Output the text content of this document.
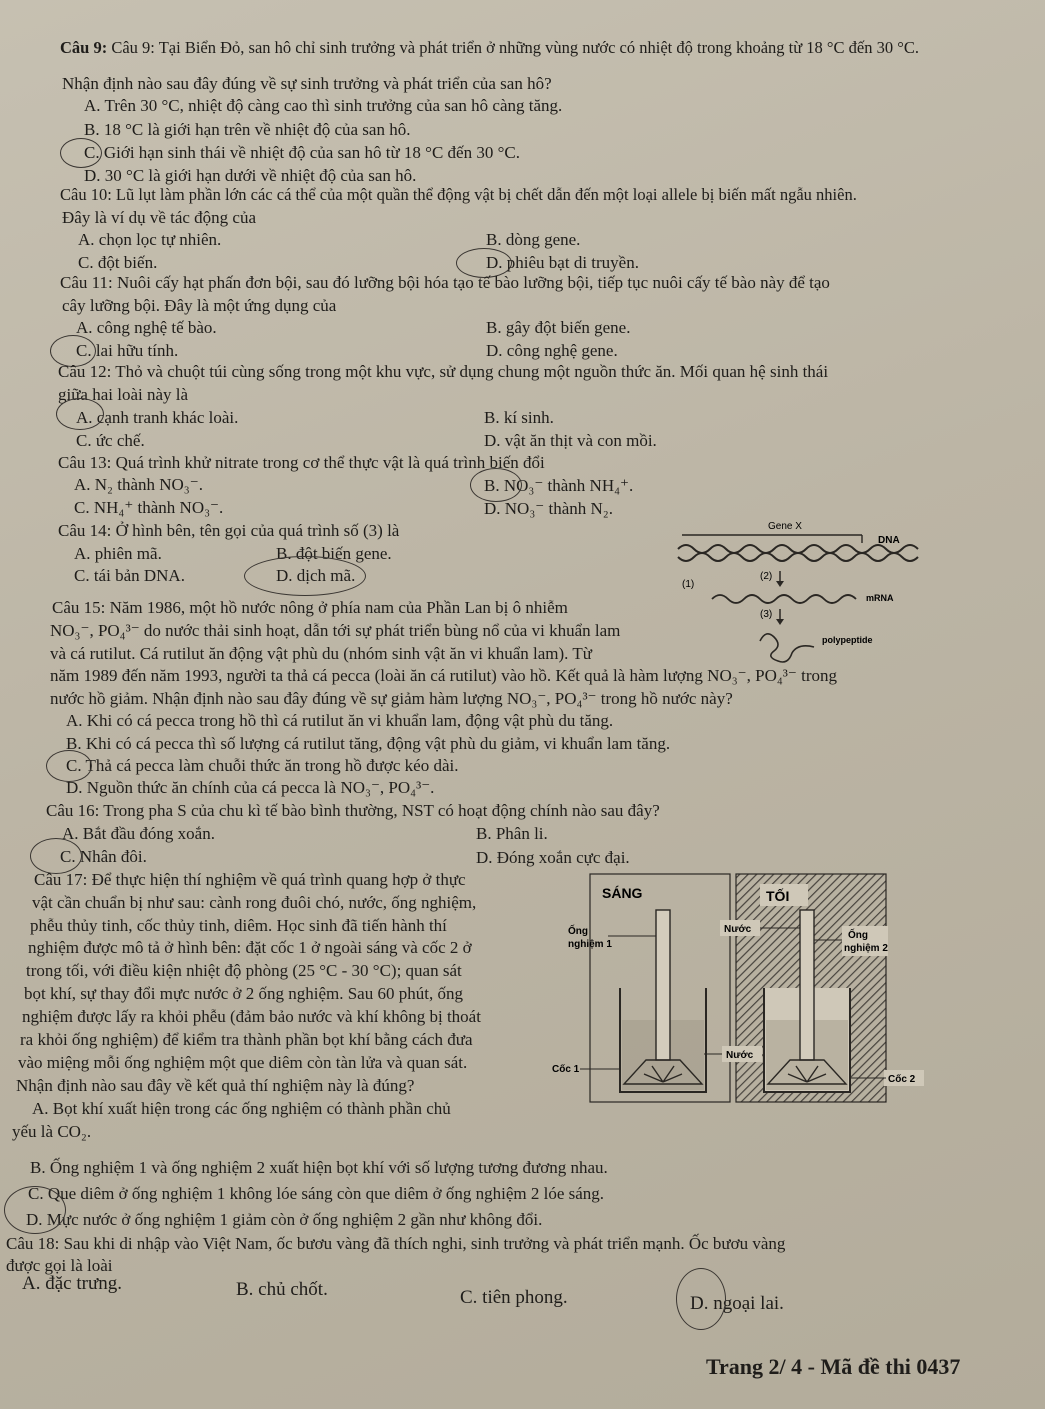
Câu 9: Câu 9: Tại Biển Đỏ, san hô chỉ sinh trưởng và phát triển ở những vùng nước có nhiệt độ trong khoảng từ 18 °C đến 30 °C.
Nhận định nào sau đây đúng về sự sinh trưởng và phát triển của san hô?
A. Trên 30 °C, nhiệt độ càng cao thì sinh trưởng của san hô càng tăng.
B. 18 °C là giới hạn trên về nhiệt độ của san hô.
C. Giới hạn sinh thái về nhiệt độ của san hô từ 18 °C đến 30 °C.
D. 30 °C là giới hạn dưới về nhiệt độ của san hô.
Câu 10: Lũ lụt làm phần lớn các cá thể của một quần thể động vật bị chết dẫn đến một loại allele bị biến mất ngẫu nhiên.
Đây là ví dụ về tác động của
A. chọn lọc tự nhiên.	B. dòng gene.
C. đột biến.	D. phiêu bạt di truyền.
Câu 11: Nuôi cấy hạt phấn đơn bội, sau đó lưỡng bội hóa tạo tế bào lưỡng bội, tiếp tục nuôi cấy tế bào này để tạo
cây lưỡng bội. Đây là một ứng dụng của
A. công nghệ tế bào.	B. gây đột biến gene.
C. lai hữu tính.	D. công nghệ gene.
Câu 12: Thỏ và chuột túi cùng sống trong một khu vực, sử dụng chung một nguồn thức ăn. Mối quan hệ sinh thái
giữa hai loài này là
A. cạnh tranh khác loài.	B. kí sinh.
C. ức chế.	D. vật ăn thịt và con mồi.
Câu 13: Quá trình khử nitrate trong cơ thể thực vật là quá trình biến đổi
A. N₂ thành NO₃⁻.	B. NO₃⁻ thành NH₄⁺.
C. NH₄⁺ thành NO₃⁻.	D. NO₃⁻ thành N₂.
Câu 14: Ở hình bên, tên gọi của quá trình số (3) là
A. phiên mã.	B. đột biến gene.
C. tái bản DNA.	D. dịch mã.
Gene X
DNA
(1)
(2)
mRNA
(3)
polypeptide
Câu 15: Năm 1986, một hồ nước nông ở phía nam của Phần Lan bị ô nhiễm
NO₃⁻, PO₄³⁻ do nước thải sinh hoạt, dẫn tới sự phát triển bùng nổ của vi khuẩn lam
và cá rutilut. Cá rutilut ăn động vật phù du (nhóm sinh vật ăn vi khuẩn lam). Từ
năm 1989 đến năm 1993, người ta thả cá pecca (loài ăn cá rutilut) vào hồ. Kết quả là hàm lượng NO₃⁻, PO₄³⁻ trong
nước hồ giảm. Nhận định nào sau đây đúng về sự giảm hàm lượng NO₃⁻, PO₄³⁻ trong hồ nước này?
A. Khi có cá pecca trong hồ thì cá rutilut ăn vi khuẩn lam, động vật phù du tăng.
B. Khi có cá pecca thì số lượng cá rutilut tăng, động vật phù du giảm, vi khuẩn lam tăng.
C. Thả cá pecca làm chuỗi thức ăn trong hồ được kéo dài.
D. Nguồn thức ăn chính của cá pecca là NO₃⁻, PO₄³⁻.
Câu 16: Trong pha S của chu kì tế bào bình thường, NST có hoạt động chính nào sau đây?
A. Bắt đầu đóng xoắn.	B. Phân li.
C. Nhân đôi.	D. Đóng xoắn cực đại.
Câu 17: Để thực hiện thí nghiệm về quá trình quang hợp ở thực
vật cần chuẩn bị như sau: cành rong đuôi chó, nước, ống nghiệm,
phễu thủy tinh, cốc thủy tinh, diêm. Học sinh đã tiến hành thí
nghiệm được mô tả ở hình bên: đặt cốc 1 ở ngoài sáng và cốc 2 ở
trong tối, với điều kiện nhiệt độ phòng (25 °C - 30 °C); quan sát
bọt khí, sự thay đổi mực nước ở 2 ống nghiệm. Sau 60 phút, ống
nghiệm được lấy ra khỏi phễu (đảm bảo nước và khí không bị thoát
ra khỏi ống nghiệm) để kiểm tra thành phần bọt khí bằng cách đưa
vào miệng mỗi ống nghiệm một que diêm còn tàn lửa và quan sát.
Nhận định nào sau đây về kết quả thí nghiệm này là đúng?
A. Bọt khí xuất hiện trong các ống nghiệm có thành phần chủ
yếu là CO₂.
B. Ống nghiệm 1 và ống nghiệm 2 xuất hiện bọt khí với số lượng tương đương nhau.
C. Que diêm ở ống nghiệm 1 không lóe sáng còn que diêm ở ống nghiệm 2 lóe sáng.
D. Mực nước ở ống nghiệm 1 giảm còn ở ống nghiệm 2 gần như không đổi.
SÁNG	TỐI
Ống
nghiệm 1
Nước
Ống
nghiệm 2
Nước
Cốc 1
Cốc 2
Câu 18: Sau khi di nhập vào Việt Nam, ốc bươu vàng đã thích nghi, sinh trưởng và phát triển mạnh. Ốc bươu vàng
được gọi là loài
A. đặc trưng.	B. chủ chốt.	C. tiên phong.	D. ngoại lai.
Trang 2/ 4 - Mã đề thi 0437
